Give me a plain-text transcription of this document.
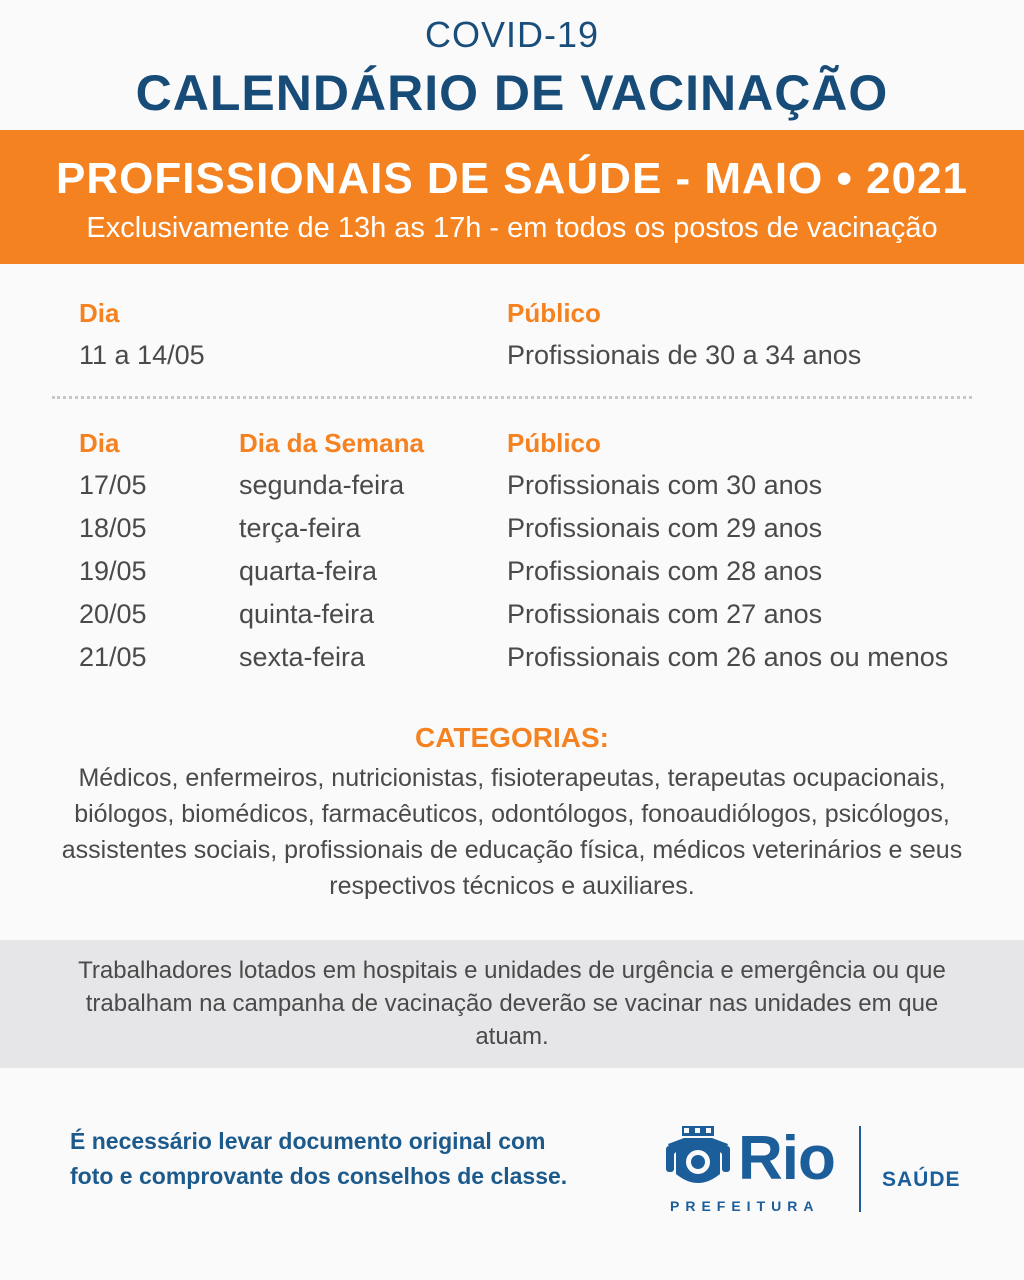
COVID-19
CALENDÁRIO DE VACINAÇÃO
PROFISSIONAIS DE SAÚDE - MAIO • 2021
Exclusivamente de 13h as 17h - em todos os postos de vacinação
Dia	Público
11 a 14/05	Profissionais de 30 a 34 anos
Dia	Dia da Semana	Público
17/05	segunda-feira	Profissionais com 30 anos
18/05	terça-feira	Profissionais com 29 anos
19/05	quarta-feira	Profissionais com 28 anos
20/05	quinta-feira	Profissionais com 27 anos
21/05	sexta-feira	Profissionais com 26 anos ou menos
CATEGORIAS:
Médicos, enfermeiros, nutricionistas, fisioterapeutas, terapeutas ocupacionais, biólogos, biomédicos, farmacêuticos, odontólogos, fonoaudiólogos, psicólogos, assistentes sociais, profissionais de educação física, médicos veterinários e seus respectivos técnicos e auxiliares.
Trabalhadores lotados em hospitais e unidades de urgência e emergência ou que trabalham na campanha de vacinação deverão se vacinar nas unidades em que atuam.
É necessário levar documento original com foto e comprovante dos conselhos de classe.	Rio
PREFEITURA
SAÚDE
